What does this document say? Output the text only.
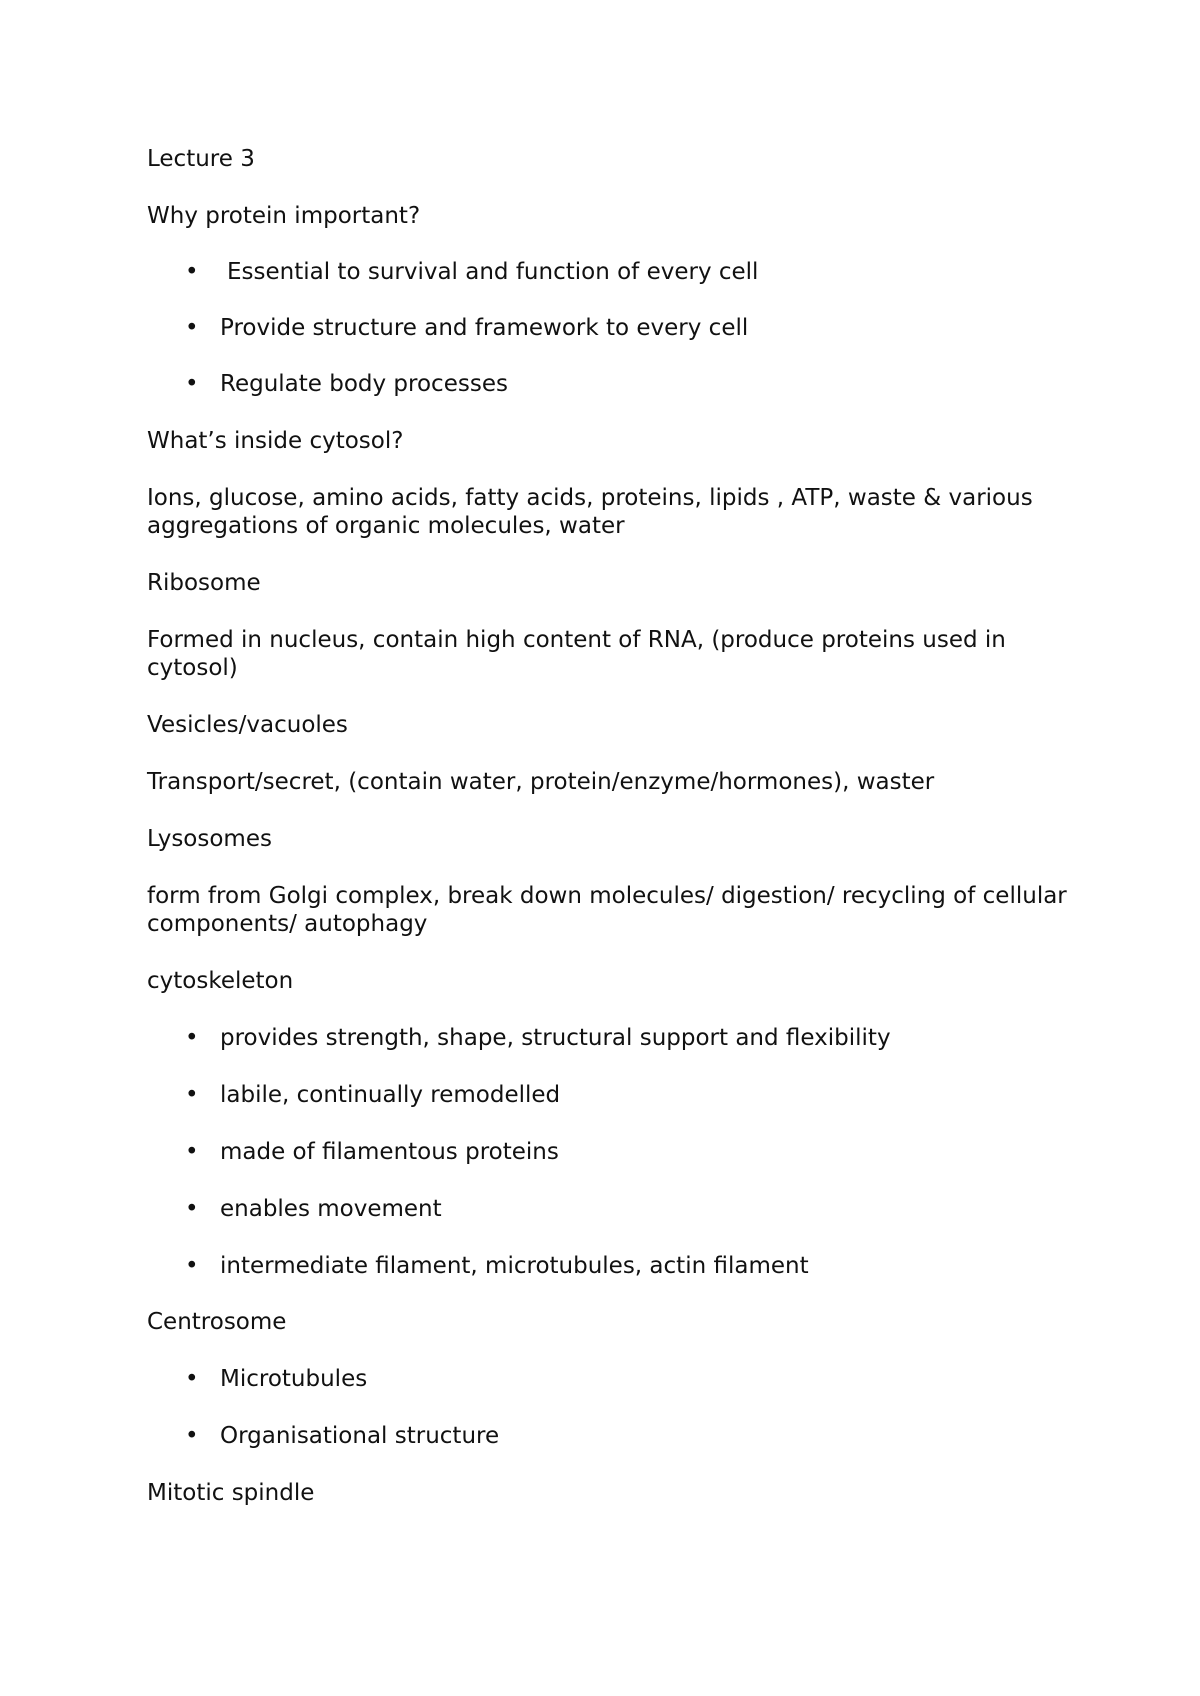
Lecture 3
Why protein important?
• Essential to survival and function of every cell
• Provide structure and framework to every cell
• Regulate body processes
What’s inside cytosol?
Ions, glucose, amino acids, fatty acids, proteins, lipids , ATP, waste & various aggregations of organic molecules, water
Ribosome
Formed in nucleus, contain high content of RNA, (produce proteins used in cytosol)
Vesicles/vacuoles
Transport/secret, (contain water, protein/enzyme/hormones), waster
Lysosomes
form from Golgi complex, break down molecules/ digestion/ recycling of cellular components/ autophagy
cytoskeleton
• provides strength, shape, structural support and flexibility
• labile, continually remodelled
• made of filamentous proteins
• enables movement
• intermediate filament, microtubules, actin filament
Centrosome
• Microtubules
• Organisational structure
Mitotic spindle
